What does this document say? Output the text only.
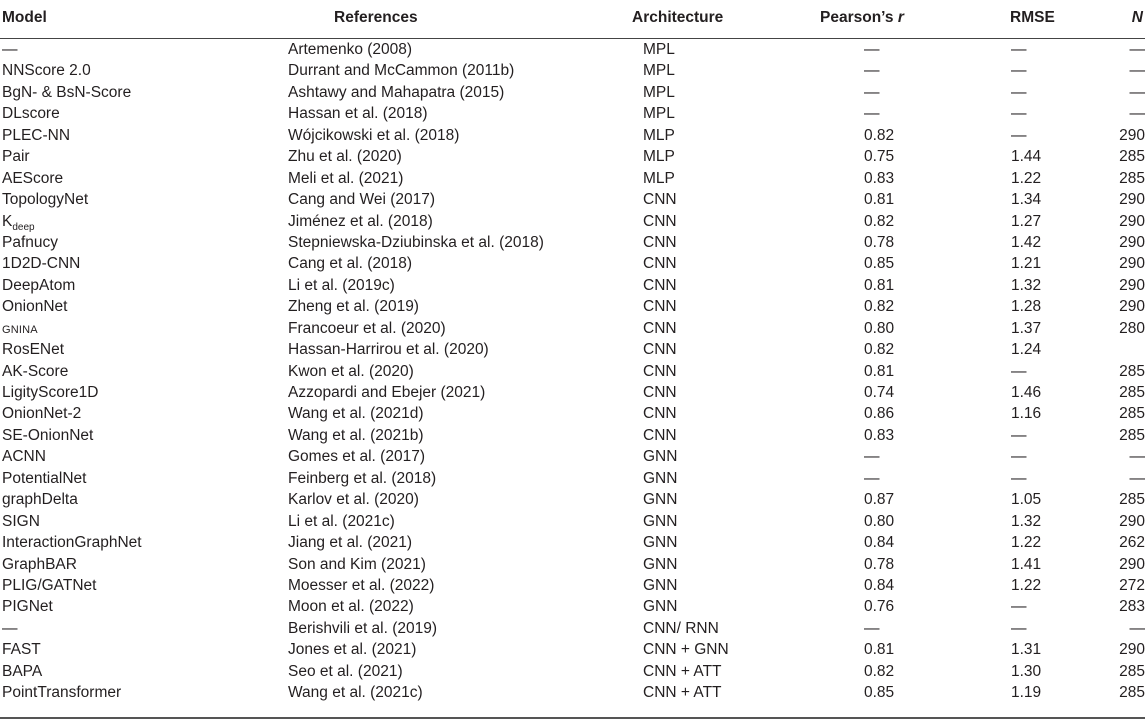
Model	References	Architecture	Pearson’s r	RMSE	N
—	Artemenko (2008)	MPL	—	—	—
NNScore 2.0	Durrant and McCammon (2011b)	MPL	—	—	—
BgN- & BsN-Score	Ashtawy and Mahapatra (2015)	MPL	—	—	—
DLscore	Hassan et al. (2018)	MPL	—	—	—
PLEC-NN	Wójcikowski et al. (2018)	MLP	0.82	—	290
Pair	Zhu et al. (2020)	MLP	0.75	1.44	285
AEScore	Meli et al. (2021)	MLP	0.83	1.22	285
TopologyNet	Cang and Wei (2017)	CNN	0.81	1.34	290
$K_{deep}$	Jiménez et al. (2018)	CNN	0.82	1.27	290
Pafnucy	Stepniewska-Dziubinska et al. (2018)	CNN	0.78	1.42	290
1D2D-CNN	Cang et al. (2018)	CNN	0.85	1.21	290
DeepAtom	Li et al. (2019c)	CNN	0.81	1.32	290
OnionNet	Zheng et al. (2019)	CNN	0.82	1.28	290
GNINA	Francoeur et al. (2020)	CNN	0.80	1.37	280
RosENet	Hassan-Harrirou et al. (2020)	CNN	0.82	1.24
AK-Score	Kwon et al. (2020)	CNN	0.81	—	285
LigityScore1D	Azzopardi and Ebejer (2021)	CNN	0.74	1.46	285
OnionNet-2	Wang et al. (2021d)	CNN	0.86	1.16	285
SE-OnionNet	Wang et al. (2021b)	CNN	0.83	—	285
ACNN	Gomes et al. (2017)	GNN	—	—	—
PotentialNet	Feinberg et al. (2018)	GNN	—	—	—
graphDelta	Karlov et al. (2020)	GNN	0.87	1.05	285
SIGN	Li et al. (2021c)	GNN	0.80	1.32	290
InteractionGraphNet	Jiang et al. (2021)	GNN	0.84	1.22	262
GraphBAR	Son and Kim (2021)	GNN	0.78	1.41	290
PLIG/GATNet	Moesser et al. (2022)	GNN	0.84	1.22	272
PIGNet	Moon et al. (2022)	GNN	0.76	—	283
—	Berishvili et al. (2019)	CNN/ RNN	—	—	—
FAST	Jones et al. (2021)	CNN + GNN	0.81	1.31	290
BAPA	Seo et al. (2021)	CNN + ATT	0.82	1.30	285
PointTransformer	Wang et al. (2021c)	CNN + ATT	0.85	1.19	285
